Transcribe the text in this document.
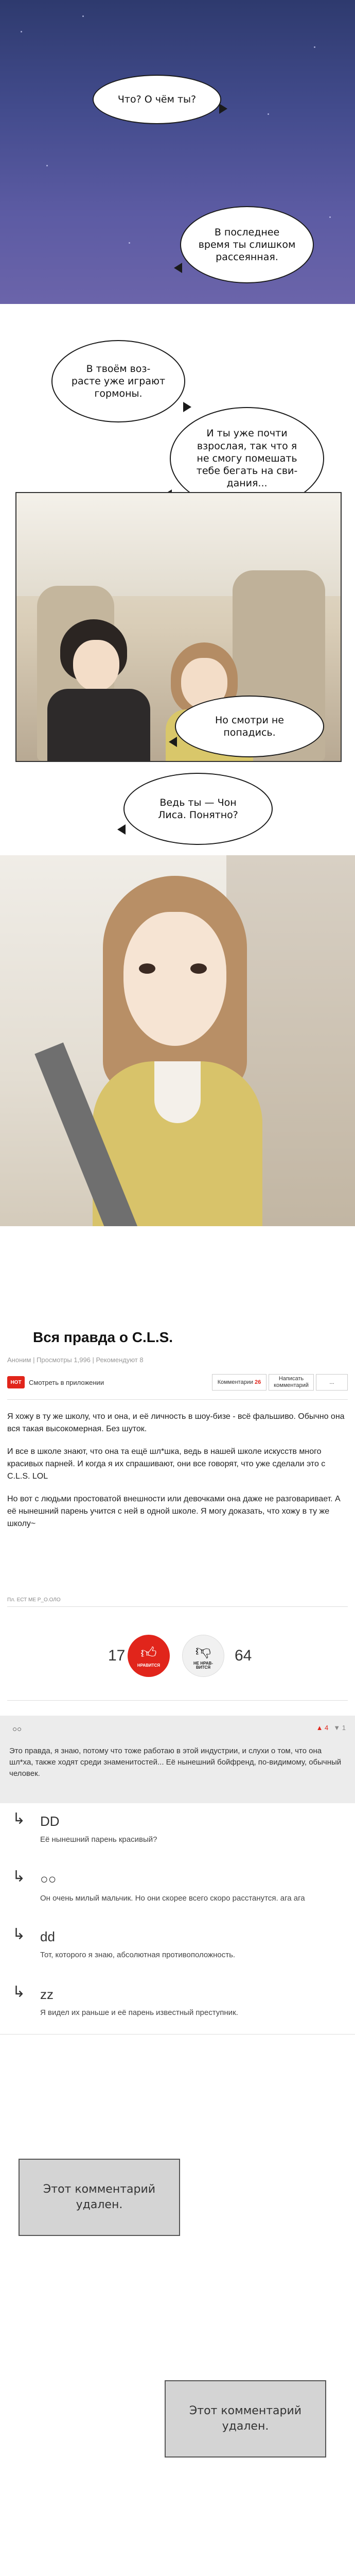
Что? О чём ты?
В последнее
время ты слишком
рассеянная.
В твоём воз-
расте уже играют
гормоны.
И ты уже почти
взрослая, так что я
не смогу помешать
тебе бегать на сви-
дания...
Но смотри не
попадись.
Ведь ты — Чон
Лиса. Понятно?
Вся правда о C.L.S.
Аноним | Просмотры 1,996 | Рекомендуют 8
HOT	Смотреть в приложении	Комментарии 26
Написать
комментарий
...

Я хожу в ту же школу, что и она, и её личность в шоу-бизе - всё фальшиво. Обычно она вся такая высокомерная. Без шуток.

И все в школе знают, что она та ещё шл*шка, ведь в нашей школе искусств много красивых парней. И когда я их спрашивают, они все говорят, что уже сделали это с C.L.S. LOL

Но вот с людьми простоватой внешности или девочками она даже не разговаривает. А её нынешний парень учится с ней в одной школе. Я могу доказать, что хожу в ту же школу~

Пл. ЕСТ МЕ P_O.ОЛО
17 👍︎
НРАВИТСЯ
👎︎
НЕ НРАВ-
ВИТСЯ
64
○○	▲ 4 ▼ 1
Это правда, я знаю, потому что тоже работаю в этой индустрии, и слухи о том, что она шл*ха, также ходят среди знаменитостей... Её нынешний бойфренд, по-видимому, обычный человек.
↳ DD
Её нынешний парень красивый?
↳ ○○
Он очень милый мальчик. Но они скорее всего скоро расстанутся. ага ага
↳ dd
Тот, которого я знаю, абсолютная противоположность.
↳ zz
Я видел их раньше и её парень известный преступник.
Этот комментарий удален.
Этот комментарий удален.
